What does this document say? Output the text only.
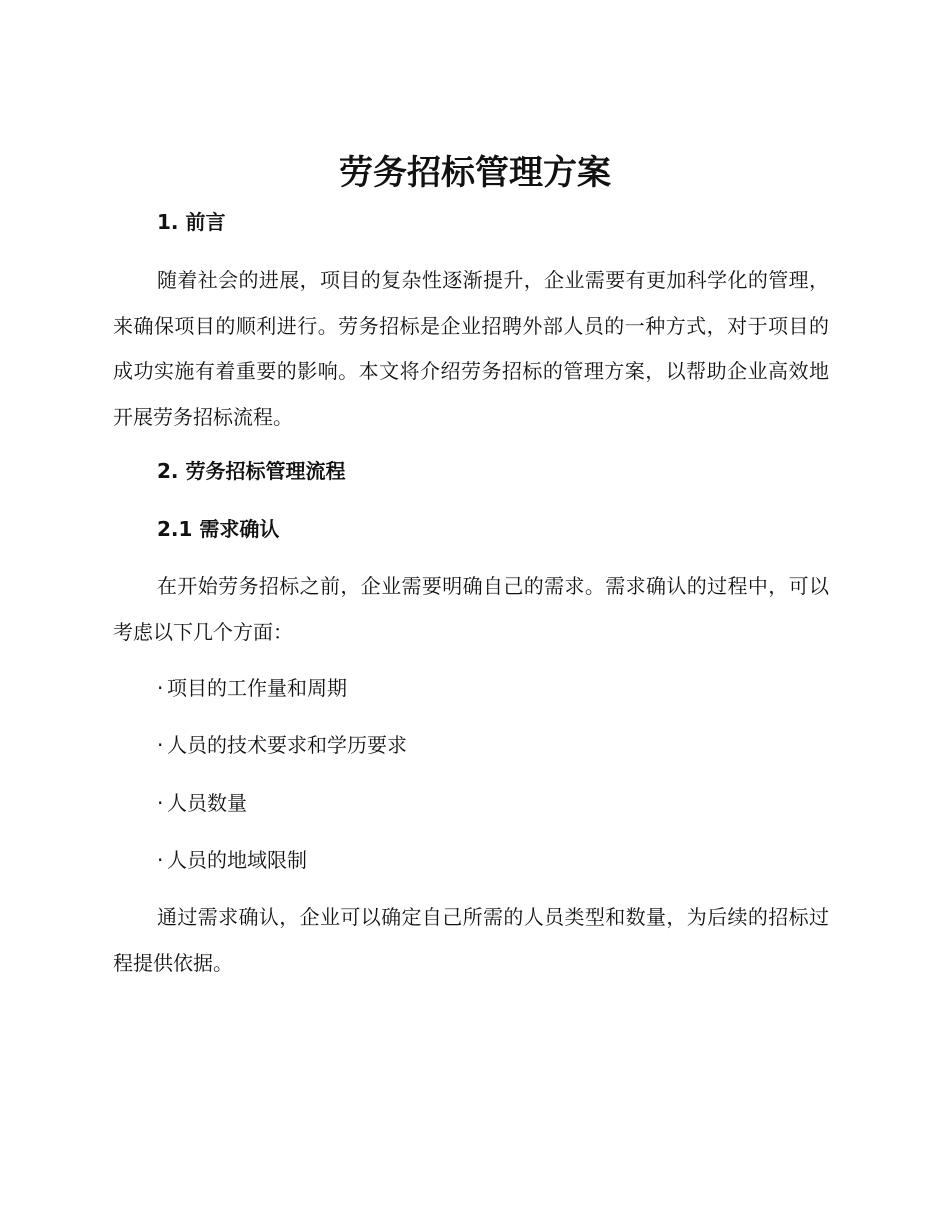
劳务招标管理方案
1. 前言

随着社会的进展，项目的复杂性逐渐提升，企业需要有更加科学化的管理，来确保项目的顺利进行。劳务招标是企业招聘外部人员的一种方式，对于项目的成功实施有着重要的影响。本文将介绍劳务招标的管理方案，以帮助企业高效地开展劳务招标流程。

2. 劳务招标管理流程
2.1 需求确认

在开始劳务招标之前，企业需要明确自己的需求。需求确认的过程中，可以考虑以下几个方面：

· 项目的工作量和周期

· 人员的技术要求和学历要求

· 人员数量

· 人员的地域限制

通过需求确认，企业可以确定自己所需的人员类型和数量，为后续的招标过程提供依据。
